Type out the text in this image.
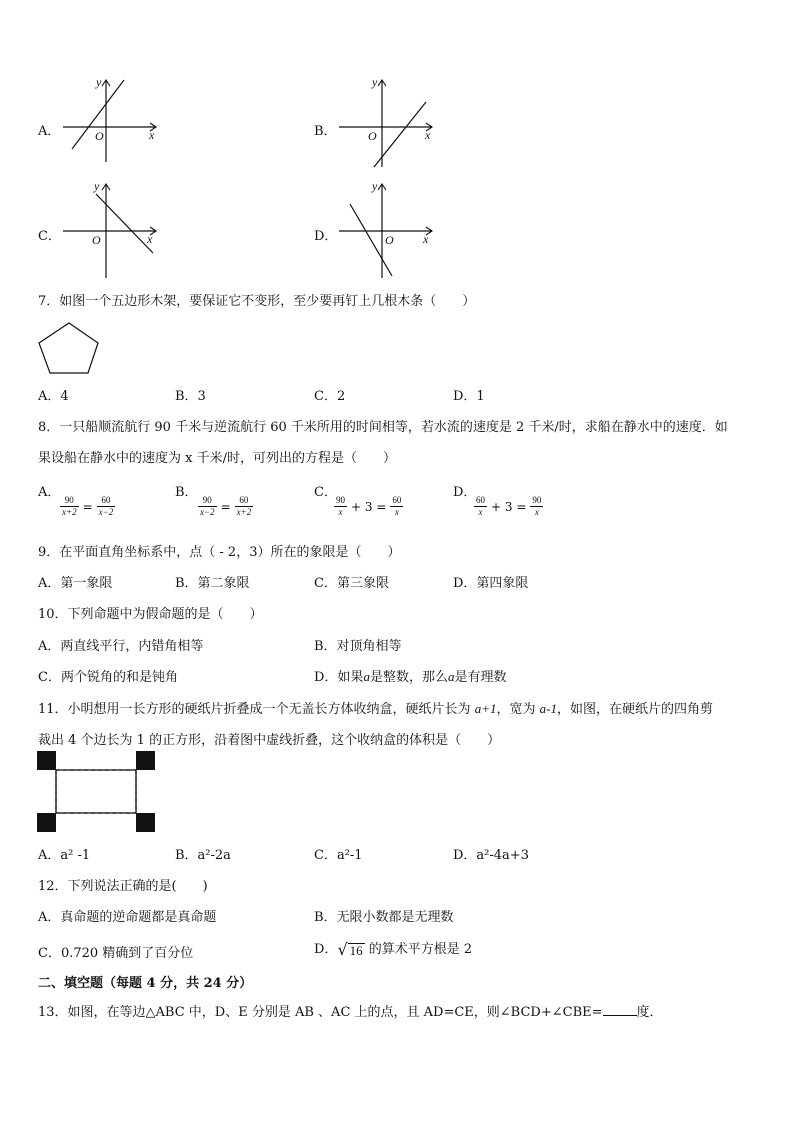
A．
y
x
O	B．
y
x
O
C．
y
x
O	D．
y
x
O
7．如图一个五边形木架，要保证它不变形，至少要再钉上几根木条（　　）
A．4	B．3	C．2	D．1
8．一只船顺流航行 90 千米与逆流航行 60 千米所用的时间相等，若水流的速度是 2 千米/时，求船在静水中的速度．如
果设船在静水中的速度为 x 千米/时，可列出的方程是（　　）
A．
$\frac{90}{x+2} = \frac{60}{x-2}$
B．
$\frac{90}{x-2} = \frac{60}{x+2}$
C．
$\frac{90}{x} + 3 = \frac{60}{x}$
D．
$\frac{60}{x} + 3 = \frac{90}{x}$
9．在平面直角坐标系中，点（ - 2，3）所在的象限是（　　）
A．第一象限	B．第二象限	C．第三象限	D．第四象限
10．下列命题中为假命题的是（　　）
A．两直线平行，内错角相等	B．对顶角相等
C．两个锐角的和是钝角	D．如果a是整数，那么a是有理数
11．小明想用一长方形的硬纸片折叠成一个无盖长方体收纳盒，硬纸片长为 a+1，宽为 a-1，如图，在硬纸片的四角剪
裁出 4 个边长为 1 的正方形，沿着图中虚线折叠，这个收纳盒的体积是（　　）
A．a² -1	B．a²-2a	C．a²-1	D．a²-4a+3
12．下列说法正确的是(　　)
A．真命题的逆命题都是真命题	B．无限小数都是无理数
C．0.720 精确到了百分位	D． √ 16 的算术平方根是 2
二、填空题（每题 4 分，共 24 分）
13．如图，在等边△ABC 中，D、E 分别是 AB 、AC 上的点，且 AD=CE，则∠BCD+∠CBE=	度．
